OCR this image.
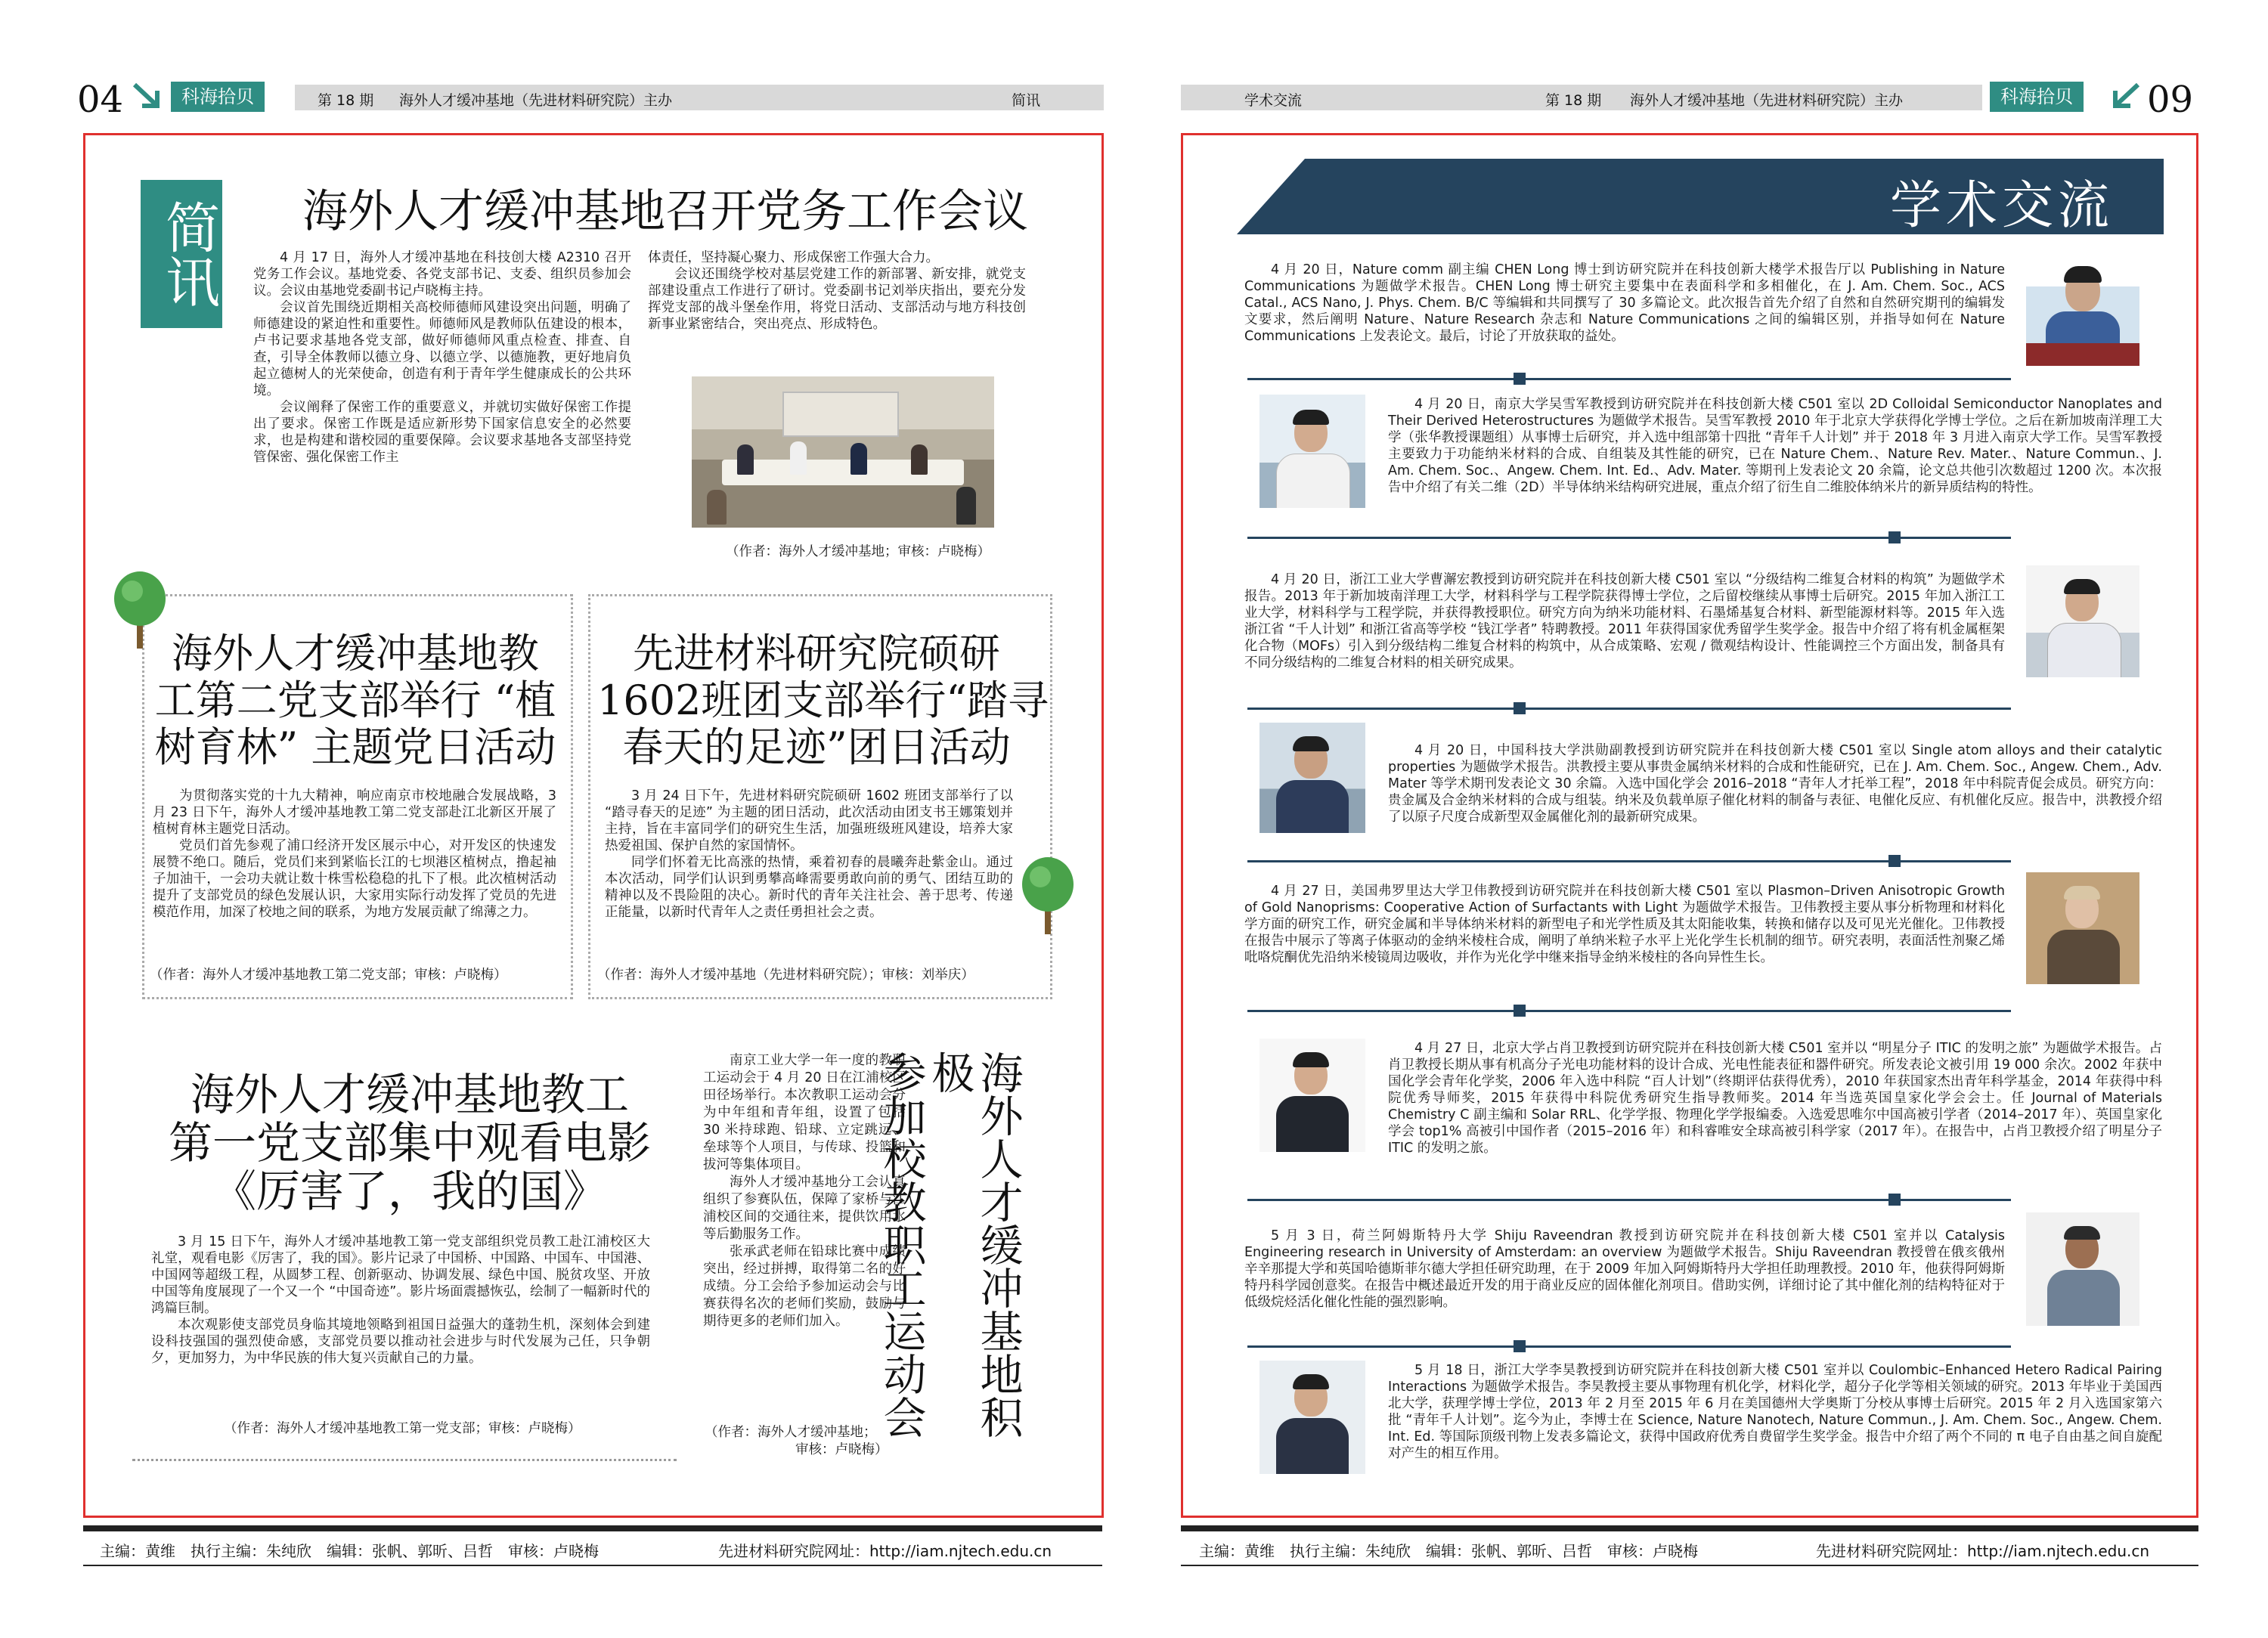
04	科海拾贝	第 18 期 海外人才缓冲基地（先进材料研究院）主办	简讯
简讯 海外人才缓冲基地召开党务工作会议

4 月 17 日，海外人才缓冲基地在科技创大楼 A2310 召开党务工作会议。基地党委、各党支部书记、支委、组织员参加会议。会议由基地党委副书记卢晓梅主持。

会议首先围绕近期相关高校师德师风建设突出问题，明确了师德建设的紧迫性和重要性。师德师风是教师队伍建设的根本，卢书记要求基地各党支部，做好师德师风重点检查、排查、自查，引导全体教师以德立身、以德立学、以德施教，更好地肩负起立德树人的光荣使命，创造有利于青年学生健康成长的公共环境。

会议阐释了保密工作的重要意义，并就切实做好保密工作提出了要求。保密工作既是适应新形势下国家信息安全的必然要求，也是构建和谐校园的重要保障。会议要求基地各支部坚持党管保密、强化保密工作主

体责任，坚持凝心聚力、形成保密工作强大合力。

会议还围绕学校对基层党建工作的新部署、新安排，就党支部建设重点工作进行了研讨。党委副书记刘举庆指出，要充分发挥党支部的战斗堡垒作用，将党日活动、支部活动与地方科技创新事业紧密结合，突出亮点、形成特色。

（作者：海外人才缓冲基地；审核：卢晓梅）
海外人才缓冲基地教
工第二党支部举行 “植
树育林” 主题党日活动

为贯彻落实党的十九大精神，响应南京市校地融合发展战略，3 月 23 日下午，海外人才缓冲基地教工第二党支部赴江北新区开展了植树育林主题党日活动。

党员们首先参观了浦口经济开发区展示中心，对开发区的快速发展赞不绝口。随后，党员们来到紧临长江的七坝港区植树点，撸起袖子加油干，一会功夫就让数十株雪松稳稳的扎下了根。此次植树活动提升了支部党员的绿色发展认识，大家用实际行动发挥了党员的先进模范作用，加深了校地之间的联系，为地方发展贡献了绵薄之力。

（作者：海外人才缓冲基地教工第二党支部；审核：卢晓梅）
先进材料研究院硕研
1602班团支部举行“踏寻
春天的足迹”团日活动

3 月 24 日下午，先进材料研究院硕研 1602 班团支部举行了以 “踏寻春天的足迹” 为主题的团日活动，此次活动由团支书王娜策划并主持，旨在丰富同学们的研究生生活，加强班级班风建设，培养大家热爱祖国、保护自然的家国情怀。

同学们怀着无比高涨的热情，乘着初春的晨曦奔赴紫金山。通过本次活动，同学们认识到勇攀高峰需要勇敢向前的勇气、团结互助的精神以及不畏险阻的决心。新时代的青年关注社会、善于思考、传递正能量，以新时代青年人之责任勇担社会之责。

（作者：海外人才缓冲基地（先进材料研究院）；审核：刘举庆）
海外人才缓冲基地教工
第一党支部集中观看电影
《厉害了，我的国》

3 月 15 日下午，海外人才缓冲基地教工第一党支部组织党员教工赴江浦校区大礼堂，观看电影《厉害了，我的国》。影片记录了中国桥、中国路、中国车、中国港、中国网等超级工程，从圆梦工程、创新驱动、协调发展、绿色中国、脱贫攻坚、开放中国等角度展现了一个又一个 “中国奇迹”。影片场面震撼恢弘，绘制了一幅新时代的鸿篇巨制。

本次观影使支部党员身临其境地领略到祖国日益强大的蓬勃生机，深刻体会到建设科技强国的强烈使命感，支部党员要以推动社会进步与时代发展为己任，只争朝夕，更加努力，为中华民族的伟大复兴贡献自己的力量。

（作者：海外人才缓冲基地教工第一党支部；审核：卢晓梅）

南京工业大学一年一度的教职工运动会于 4 月 20 日在江浦校区田径场举行。本次教职工运动会分为中年组和青年组，设置了包括 30 米持球跑、铅球、立定跳远、垒球等个人项目，与传球、投篮和拔河等集体项目。

海外人才缓冲基地分工会认真组织了参赛队伍，保障了家桥与江浦校区间的交通往来，提供饮用水等后勤服务工作。

张承武老师在铅球比赛中成绩突出，经过拼搏，取得第二名的好成绩。分工会给予参加运动会与比赛获得名次的老师们奖励，鼓励与期待更多的老师们加入。

（作者：海外人才缓冲基地；
审核：卢晓梅）
海外人才缓冲基地积极
参加校教职工运动会
主编：黄维　执行主编：朱纯欣　编辑：张帆、郭昕、吕哲　审核：卢晓梅	先进材料研究院网址：http://iam.njtech.edu.cn
学术交流	第 18 期 海外人才缓冲基地（先进材料研究院）主办	科海拾贝 09
学术交流

4 月 20 日，Nature comm 副主编 CHEN Long 博士到访研究院并在科技创新大楼学术报告厅以 Publishing in Nature Communications 为题做学术报告。CHEN Long 博士研究主要集中在表面科学和多相催化，在 J. Am. Chem. Soc., ACS Catal., ACS Nano, J. Phys. Chem. B/C 等编辑和共同撰写了 30 多篇论文。此次报告首先介绍了自然和自然研究期刊的编辑发文要求，然后阐明 Nature、Nature Research 杂志和 Nature Communications 之间的编辑区别，并指导如何在 Nature Communications 上发表论文。最后，讨论了开放获取的益处。

4 月 20 日，南京大学吴雪军教授到访研究院并在科技创新大楼 C501 室以 2D Colloidal Semiconductor Nanoplates and Their Derived Heterostructures 为题做学术报告。吴雪军教授 2010 年于北京大学获得化学博士学位。之后在新加坡南洋理工大学（张华教授课题组）从事博士后研究，并入选中组部第十四批 “青年千人计划” 并于 2018 年 3 月进入南京大学工作。吴雪军教授主要致力于功能纳米材料的合成、自组装及其性能的研究，已在 Nature Chem.、Nature Rev. Mater.、Nature Commun.、J. Am. Chem. Soc.、Angew. Chem. Int. Ed.、Adv. Mater. 等期刊上发表论文 20 余篇，论文总共他引次数超过 1200 次。本次报告中介绍了有关二维（2D）半导体纳米结构研究进展，重点介绍了衍生自二维胶体纳米片的新异质结构的特性。

4 月 20 日，浙江工业大学曹澥宏教授到访研究院并在科技创新大楼 C501 室以 “分级结构二维复合材料的构筑” 为题做学术报告。2013 年于新加坡南洋理工大学，材料科学与工程学院获得博士学位，之后留校继续从事博士后研究。2015 年加入浙江工业大学，材料科学与工程学院，并获得教授职位。研究方向为纳米功能材料、石墨烯基复合材料、新型能源材料等。2015 年入选浙江省 “千人计划” 和浙江省高等学校 “钱江学者” 特聘教授。2011 年获得国家优秀留学生奖学金。报告中介绍了将有机金属框架化合物（MOFs）引入到分级结构二维复合材料的构筑中，从合成策略、宏观 / 微观结构设计、性能调控三个方面出发，制备具有不同分级结构的二维复合材料的相关研究成果。

4 月 20 日，中国科技大学洪勋副教授到访研究院并在科技创新大楼 C501 室以 Single atom alloys and their catalytic properties 为题做学术报告。洪教授主要从事贵金属纳米材料的合成和性能研究，已在 J. Am. Chem. Soc., Angew. Chem., Adv. Mater 等学术期刊发表论文 30 余篇。入选中国化学会 2016–2018 “青年人才托举工程”，2018 年中科院青促会成员。研究方向：贵金属及合金纳米材料的合成与组装。纳米及负载单原子催化材料的制备与表征、电催化反应、有机催化反应。报告中，洪教授介绍了以原子尺度合成新型双金属催化剂的最新研究成果。

4 月 27 日，美国弗罗里达大学卫伟教授到访研究院并在科技创新大楼 C501 室以 Plasmon–Driven Anisotropic Growth of Gold Nanoprisms: Cooperative Action of Surfactants with Light 为题做学术报告。卫伟教授主要从事分析物理和材料化学方面的研究工作，研究金属和半导体纳米材料的新型电子和光学性质及其太阳能收集，转换和储存以及可见光光催化。卫伟教授在报告中展示了等离子体驱动的金纳米棱柱合成，阐明了单纳米粒子水平上光化学生长机制的细节。研究表明，表面活性剂聚乙烯吡咯烷酮优先沿纳米棱镜周边吸收，并作为光化学中继来指导金纳米棱柱的各向异性生长。

4 月 27 日，北京大学占肖卫教授到访研究院并在科技创新大楼 C501 室并以 “明星分子 ITIC 的发明之旅” 为题做学术报告。占肖卫教授长期从事有机高分子光电功能材料的设计合成、光电性能表征和器件研究。所发表论文被引用 19 000 余次。2002 年获中国化学会青年化学奖，2006 年入选中科院 “百人计划”（终期评估获得优秀），2010 年获国家杰出青年科学基金，2014 年获得中科院优秀导师奖，2015 年获得中科院优秀研究生指导教师奖。2014 年当选英国皇家化学会会士。任 Journal of Materials Chemistry C 副主编和 Solar RRL、化学学报、物理化学学报编委。入选爱思唯尔中国高被引学者（2014–2017 年）、英国皇家化学会 top1% 高被引中国作者（2015–2016 年）和科睿唯安全球高被引科学家（2017 年）。在报告中，占肖卫教授介绍了明星分子 ITIC 的发明之旅。

5 月 3 日，荷兰阿姆斯特丹大学 Shiju Raveendran 教授到访研究院并在科技创新大楼 C501 室并以 Catalysis Engineering research in University of Amsterdam: an overview 为题做学术报告。Shiju Raveendran 教授曾在俄亥俄州辛辛那提大学和英国哈德斯菲尔德大学担任研究助理，在于 2009 年加入阿姆斯特丹大学担任助理教授。2010 年，他获得阿姆斯特丹科学园创意奖。在报告中概述最近开发的用于商业反应的固体催化剂项目。借助实例，详细讨论了其中催化剂的结构特征对于低级烷烃活化催化性能的强烈影响。

5 月 18 日，浙江大学李昊教授到访研究院并在科技创新大楼 C501 室并以 Coulombic–Enhanced Hetero Radical Pairing Interactions 为题做学术报告。李昊教授主要从事物理有机化学，材料化学，超分子化学等相关领域的研究。2013 年毕业于美国西北大学，获理学博士学位，2013 年 2 月至 2015 年 6 月在美国德州大学奥斯丁分校从事博士后研究。2015 年 2 月入选国家第六批 “青年千人计划”。迄今为止，李博士在 Science, Nature Nanotech, Nature Commun., J. Am. Chem. Soc., Angew. Chem. Int. Ed. 等国际顶级刊物上发表多篇论文，获得中国政府优秀自费留学生奖学金。报告中介绍了两个不同的 π 电子自由基之间自旋配对产生的相互作用。

主编：黄维　执行主编：朱纯欣　编辑：张帆、郭昕、吕哲　审核：卢晓梅	先进材料研究院网址：http://iam.njtech.edu.cn
